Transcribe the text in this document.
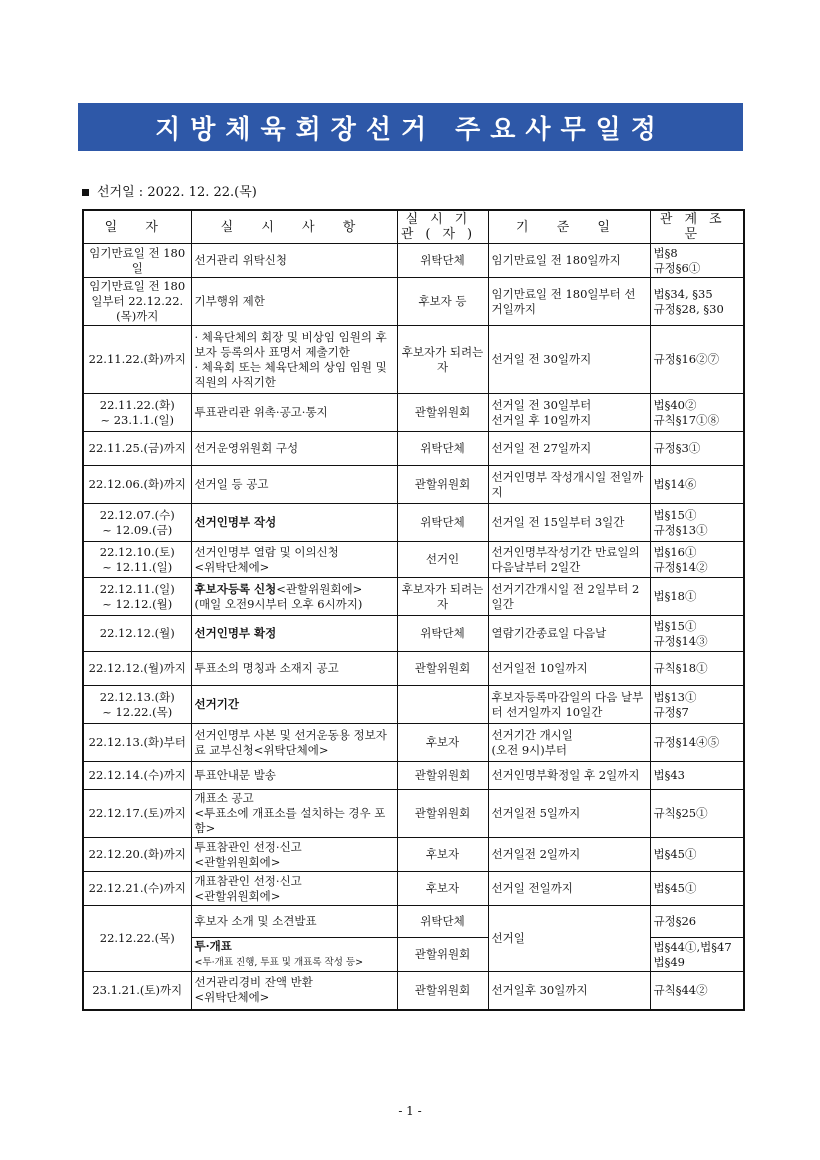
지방체육회장선거 주요사무일정
선거일 : 2022. 12. 22.(목)
일 자	실 시 사 항	실시기관(자)	기 준 일	관계조문
임기만료일 전 180일	선거관리 위탁신청	위탁단체	임기만료일 전 180일까지	법§8
규정§6①
임기만료일 전 180일부터 22.12.22.(목)까지	기부행위 제한	후보자 등	임기만료일 전 180일부터 선거일까지	법§34, §35
규정§28, §30
22.11.22.(화)까지	· 체육단체의 회장 및 비상임 임원의 후보자 등록의사 표명서 제출기한
· 체육회 또는 체육단체의 상임 임원 및 직원의 사직기한	후보자가 되려는 자	선거일 전 30일까지	규정§16②⑦
22.11.22.(화)
~ 23.1.1.(일)	투표관리관 위촉·공고·통지	관할위원회	선거일 전 30일부터
선거일 후 10일까지	법§40②
규칙§17①⑧
22.11.25.(금)까지	선거운영위원회 구성	위탁단체	선거일 전 27일까지	규정§3①
22.12.06.(화)까지	선거일 등 공고	관할위원회	선거인명부 작성개시일 전일까지	법§14⑥
22.12.07.(수)
~ 12.09.(금)	선거인명부 작성	위탁단체	선거일 전 15일부터 3일간	법§15①
규정§13①
22.12.10.(토)
~ 12.11.(일)	선거인명부 열람 및 이의신청
<위탁단체에>	선거인	선거인명부작성기간 만료일의 다음날부터 2일간	법§16①
규정§14②
22.12.11.(일)
~ 12.12.(월)	후보자등록 신청<관할위원회에>
(매일 오전9시부터 오후 6시까지)	후보자가 되려는 자	선거기간개시일 전 2일부터 2일간	법§18①
22.12.12.(월)	선거인명부 확정	위탁단체	열람기간종료일 다음날	법§15①
규정§14③
22.12.12.(월)까지	투표소의 명칭과 소재지 공고	관할위원회	선거일전 10일까지	규칙§18①
22.12.13.(화)
~ 12.22.(목)	선거기간		후보자등록마감일의 다음 날부터 선거일까지 10일간	법§13①
규정§7
22.12.13.(화)부터	선거인명부 사본 및 선거운동용 정보자료 교부신청<위탁단체에>	후보자	선거기간 개시일
(오전 9시)부터	규정§14④⑤
22.12.14.(수)까지	투표안내문 발송	관할위원회	선거인명부확정일 후 2일까지	법§43
22.12.17.(토)까지	개표소 공고
<투표소에 개표소를 설치하는 경우 포함>	관할위원회	선거일전 5일까지	규칙§25①
22.12.20.(화)까지	투표참관인 선정·신고
<관할위원회에>	후보자	선거일전 2일까지	법§45①
22.12.21.(수)까지	개표참관인 선정·신고
<관할위원회에>	후보자	선거일 전일까지	법§45①
22.12.22.(목)	후보자 소개 및 소견발표	위탁단체	선거일	규정§26
	투·개표
<투·개표 진행, 투표 및 개표록 작성 등>	관할위원회		법§44①,법§47
법§49
23.1.21.(토)까지	선거관리경비 잔액 반환
<위탁단체에>	관할위원회	선거일후 30일까지	규칙§44②
- 1 -
